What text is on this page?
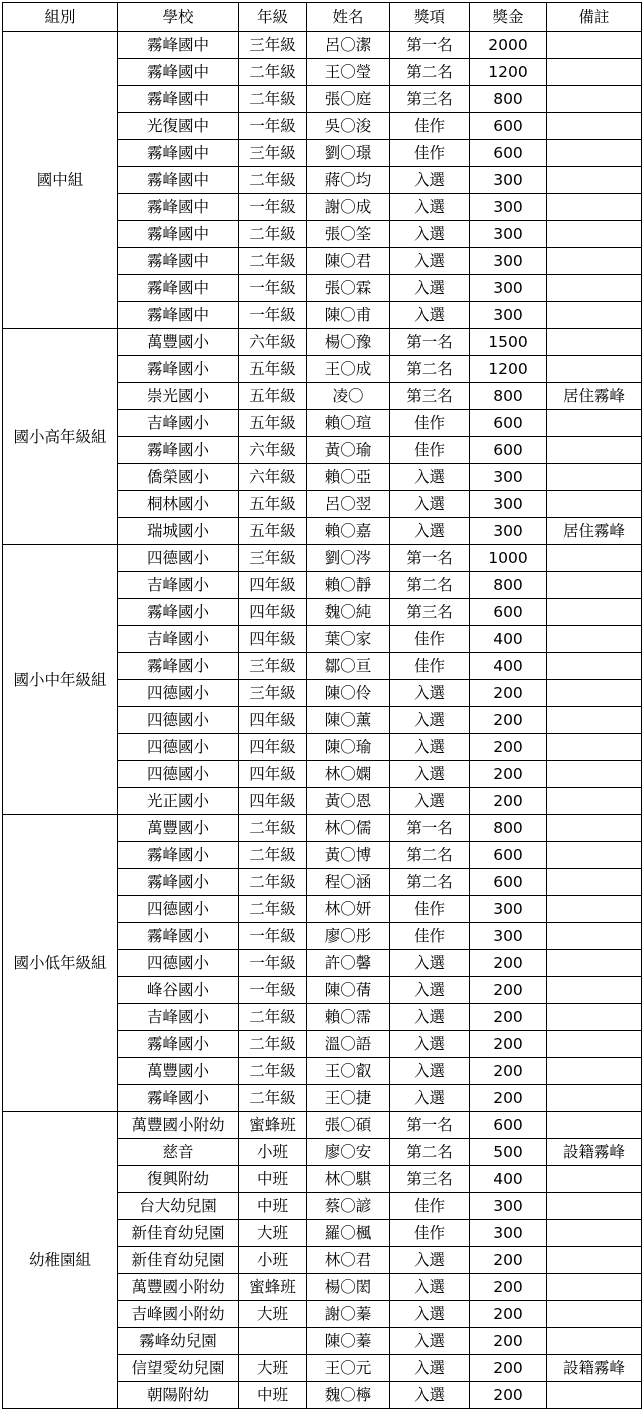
組別	學校	年級	姓名	獎項	獎金	備註
國中組	霧峰國中	三年級	呂〇潔	第一名	2000	
	霧峰國中	二年級	王〇瑩	第二名	1200	
	霧峰國中	二年級	張〇庭	第三名	800	
	光復國中	一年級	吳〇浚	佳作	600	
	霧峰國中	三年級	劉〇璟	佳作	600	
	霧峰國中	二年級	蔣〇均	入選	300	
	霧峰國中	一年級	謝〇成	入選	300	
	霧峰國中	二年級	張〇筌	入選	300	
	霧峰國中	二年級	陳〇君	入選	300	
	霧峰國中	一年級	張〇霖	入選	300	
	霧峰國中	一年級	陳〇甫	入選	300	
國小高年級組	萬豐國小	六年級	楊〇豫	第一名	1500	
	霧峰國小	五年級	王〇成	第二名	1200	
	崇光國小	五年級	凌〇	第三名	800	居住霧峰
	吉峰國小	五年級	賴〇瑄	佳作	600	
	霧峰國小	六年級	黃〇瑜	佳作	600	
	僑榮國小	六年級	賴〇亞	入選	300	
	桐林國小	五年級	呂〇翌	入選	300	
	瑞城國小	五年級	賴〇嘉	入選	300	居住霧峰
國小中年級組	四德國小	三年級	劉〇涔	第一名	1000	
	吉峰國小	四年級	賴〇靜	第二名	800	
	霧峰國小	四年級	魏〇純	第三名	600	
	吉峰國小	四年級	葉〇家	佳作	400	
	霧峰國小	三年級	鄒〇亘	佳作	400	
	四德國小	三年級	陳〇伶	入選	200	
	四德國小	四年級	陳〇薰	入選	200	
	四德國小	四年級	陳〇瑜	入選	200	
	四德國小	四年級	林〇嫻	入選	200	
	光正國小	四年級	黃〇恩	入選	200	
國小低年級組	萬豐國小	二年級	林〇儒	第一名	800	
	霧峰國小	二年級	黃〇博	第二名	600	
	霧峰國小	二年級	程〇涵	第二名	600	
	四德國小	二年級	林〇妍	佳作	300	
	霧峰國小	一年級	廖〇彤	佳作	300	
	四德國小	一年級	許〇馨	入選	200	
	峰谷國小	一年級	陳〇蒨	入選	200	
	吉峰國小	二年級	賴〇霈	入選	200	
	霧峰國小	二年級	溫〇語	入選	200	
	萬豐國小	二年級	王〇叡	入選	200	
	霧峰國小	二年級	王〇捷	入選	200	
幼稚園組	萬豐國小附幼	蜜蜂班	張〇碩	第一名	600	
	慈音	小班	廖〇安	第二名	500	設籍霧峰
	復興附幼	中班	林〇騏	第三名	400	
	台大幼兒園	中班	蔡〇諺	佳作	300	
	新佳育幼兒園	大班	羅〇楓	佳作	300	
	新佳育幼兒園	小班	林〇君	入選	200	
	萬豐國小附幼	蜜蜂班	楊〇閎	入選	200	
	吉峰國小附幼	大班	謝〇蓁	入選	200	
	霧峰幼兒園		陳〇蓁	入選	200	
	信望愛幼兒園	大班	王〇元	入選	200	設籍霧峰
	朝陽附幼	中班	魏〇檸	入選	200	
